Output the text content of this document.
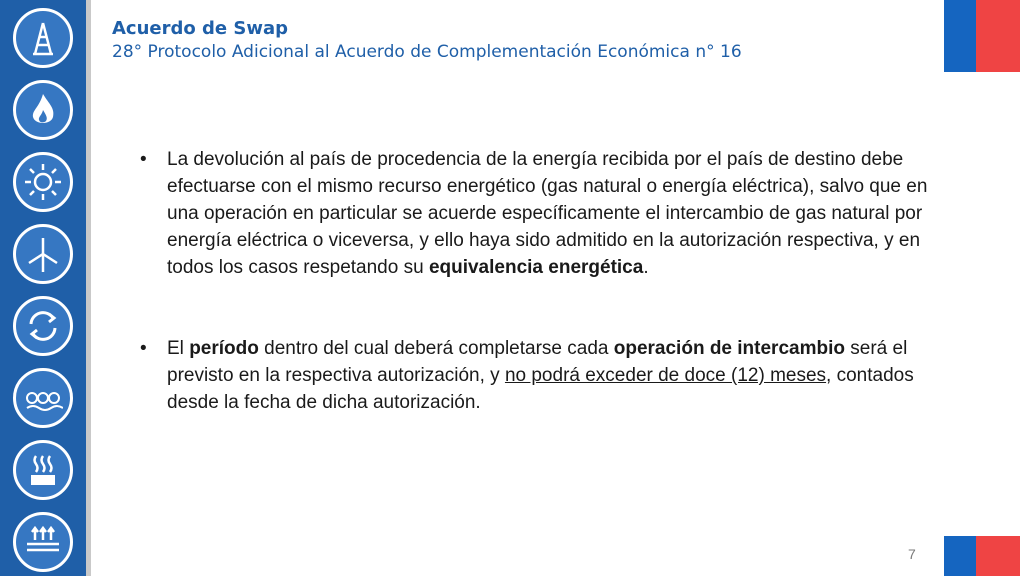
Acuerdo de Swap

28° Protocolo Adicional al Acuerdo de Complementación Económica n° 16

• La devolución al país de procedencia de la energía recibida por el país de destino debe efectuarse con el mismo recurso energético (gas natural o energía eléctrica), salvo que en una operación en particular se acuerde específicamente el intercambio de gas natural por energía eléctrica o viceversa, y ello haya sido admitido en la autorización respectiva, y en todos los casos respetando su equivalencia energética.
• El período dentro del cual deberá completarse cada operación de intercambio será el previsto en la respectiva autorización, y no podrá exceder de doce (12) meses, contados desde la fecha de dicha autorización.
7
